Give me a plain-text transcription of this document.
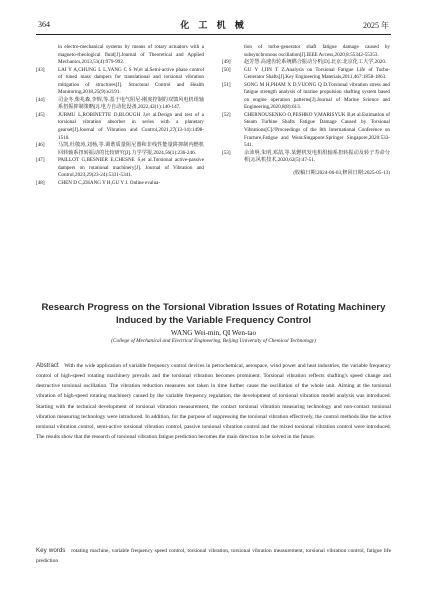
364	化 工 机 械	2025 年
in electro-mechanical systems by means of rotary actuators with a magneto-rheological fluid[J].Journal of Theoretical and Applied Mechanics,2013,51(4):979-992.
[43]	LAI Y A,CHUNG L L,YANG C S W,et al.Semi-active phase control of tuned mass dampers for translational and torsional vibration mitigation of structures[J]. Structural Control and Health Monitoring,2018,25(9):e2191.
[44]	司金冬,柴兆森,李辉,等.基于电气阻尼-刚度控制的双馈风电机组轴系扭振抑制策略[J].电力自动化设备,2022,42(1):140-147.
[45]	JURMU L,ROBINETTE D,BLOUGH J,et al.Design and test of a torsional vibration absorber in series with a planetary gearset[J].Journal of Vibration and Control,2021,27(13-14):1498-1510.
[46]	马凯,杜敬涛,刘杨,等.调谐质量阻尼器和非线性能量阱抑制内燃机回转轴系扭转振动的比较研究[J].力学学报,2024,56(1):236-246.
[47]	PAILLOT G,BESNIER E,CHESNE S,et al.Torsional active-passive dampers on rotational machinery[J]. Journal of Vibration and Control,2023,29(23-24):5331-5341.
[48]	CHEN D C,ZHANG Y H,GU Y J. Online evalua-
tion of turbo-generator shaft fatigue damage caused by subsynchronous oscillation[J].IEEE Access,2020,8:55342-55353.
[49]	赵芳慧.高速齿轮系统耦合振动分析[D].北京:北京化工大学,2020.
[50]	GU Y J,JIN T Z.Analysis on Torsional Fatigue Life of Turbo-Generator Shafts[J].Key Engineering Materials,2011,467:1858-1863.
[51]	SONG M H,PHAM X D,VUONG Q D.Torsional vibration stress and fatigue strength analysis of marine propulsion shafting system based on engine operation patterns[J].Journal of Marine Science and Engineering,2020,8(8):613.
[52]	CHERNOUSENKO O,PESHKO V,MARISYUK B,et al.Estimation of Steam Turbine Shafts Fatigue Damage Caused by Torsional Vibrations[C]//Proceedings of the 8th International Conference on Fracture,Fatigue and Wear.Singapore:Springer Singapore,2020:533-541.
[53]	余沛坰,朱明,邓喆,等.某燃机发电机组轴系扭转振动及转子寿命分析[J].风机技术,2020,62(5):47-51.
(收稿日期:2024-06-03,修回日期:2025-05-13)
Research Progress on the Torsional Vibration Issues of Rotating Machinery Induced by the Variable Frequency Control
WANG Wei-min, QI Wen-tao
(College of Mechanical and Electrical Engineering, Beijing University of Chemical Technology)
Abstract With the wide application of variable frequency control devices in petrochemical, aerospace, wind power and heat industries, the variable frequency control of high-speed rotating machinery prevails and the torsional vibration becomes prominent. Torsional vibration reflects shafting's speed change and destructive torsional oscillation. The vibration reduction measures not taken in time further cause the oscillation of the whole unit. Aiming at the torsional vibration of high-speed rotating machinery caused by the variable frequency regulation, the development of torsional vibration model analysis was introduced. Starting with the technical development of torsional vibration measurement, the contact torsional vibration measuring technology and non-contact torsional vibration measuring technology were introduced. In addition, for the purpose of suppressing the torsional vibration effectively, the control methods like the active torsional vibration control, semi-active torsional vibration control, passive torsional vibration control and the mixed torsional vibration control were introduced. The results show that the research of torsional vibration fatigue prediction becomes the main direction to be solved in the future.
Key words rotating machine, variable frequency speed control, torsional vibration, torsional vibration measurement, torsional vibration control, fatigue life prediction
